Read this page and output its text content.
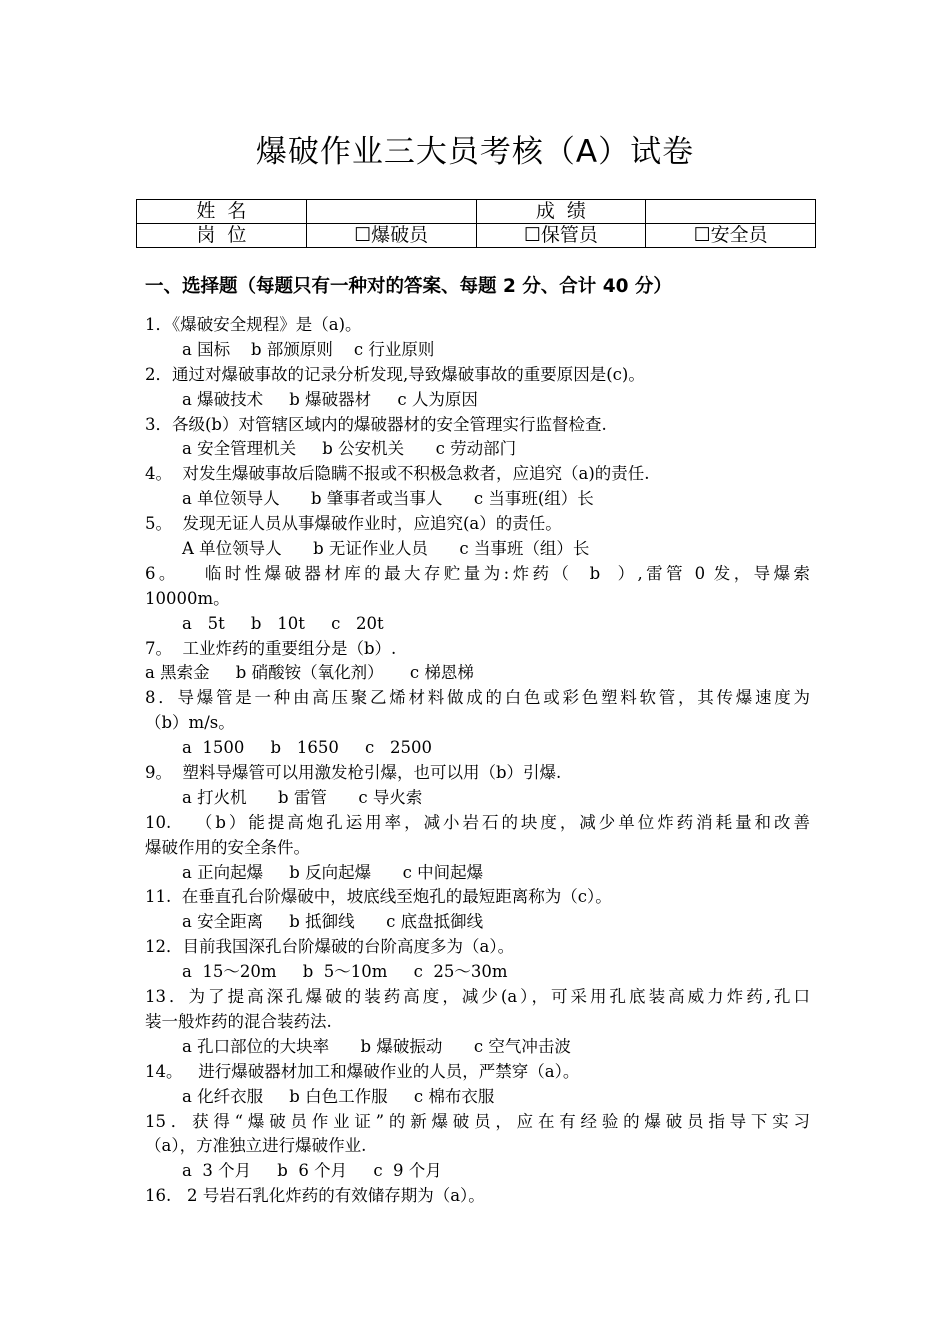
爆破作业三大员考核（A）试卷
姓  名		成  绩	
岗  位	☐爆破员	☐保管员	☐安全员
一、选择题（每题只有一种对的答案、每题 2 分、合计 40 分）
1．《爆破安全规程》是（a)。
a 国标    b 部颁原则    c 行业原则
2．通过对爆破事故的记录分析发现,导致爆破事故的重要原因是(c)。
a 爆破技术     b 爆破器材     c 人为原因
3．各级(b）对管辖区域内的爆破器材的安全管理实行监督检查.
a 安全管理机关     b 公安机关      c 劳动部门
4。  对发生爆破事故后隐瞒不报或不积极急救者，应追究（a)的责任.
a 单位领导人      b 肇事者或当事人      c 当事班(组）长
5。  发现无证人员从事爆破作业时，应追究(a）的责任。
A 单位领导人      b 无证作业人员      c 当事班（组）长
6。   临时性爆破器材库的最大存贮量为:炸药（  b  ）,雷管 0 发，导爆索
10000m。
a   5t     b   10t     c   20t
7。  工业炸药的重要组分是（b）.
a 黑索金     b 硝酸铵（氧化剂）     c 梯恩梯
8．导爆管是一种由高压聚乙烯材料做成的白色或彩色塑料软管，其传爆速度为
（b）m/s。
a  1500     b   1650     c   2500
9。  塑料导爆管可以用激发枪引爆，也可以用（b）引爆.
a 打火机      b 雷管      c 导火索
10.   （b）能提高炮孔运用率，减小岩石的块度，减少单位炸药消耗量和改善
爆破作用的安全条件。
a 正向起爆     b 反向起爆      c 中间起爆
11.  在垂直孔台阶爆破中，坡底线至炮孔的最短距离称为（c）。
a 安全距离     b 抵御线      c 底盘抵御线
12．目前我国深孔台阶爆破的台阶高度多为（a）。
a  15～20m     b  5～10m     c  25～30m
13．为了提高深孔爆破的装药高度，减少(a），可采用孔底装高威力炸药,孔口
装一般炸药的混合装药法.
a 孔口部位的大块率      b 爆破振动      c 空气冲击波
14。   进行爆破器材加工和爆破作业的人员，严禁穿（a）。
a 化纤衣服     b 白色工作服     c 棉布衣服
15．获得“爆破员作业证”的新爆破员，应在有经验的爆破员指导下实习
（a），方准独立进行爆破作业.
a  3 个月     b  6 个月     c  9 个月
16.   2 号岩石乳化炸药的有效储存期为（a）。
